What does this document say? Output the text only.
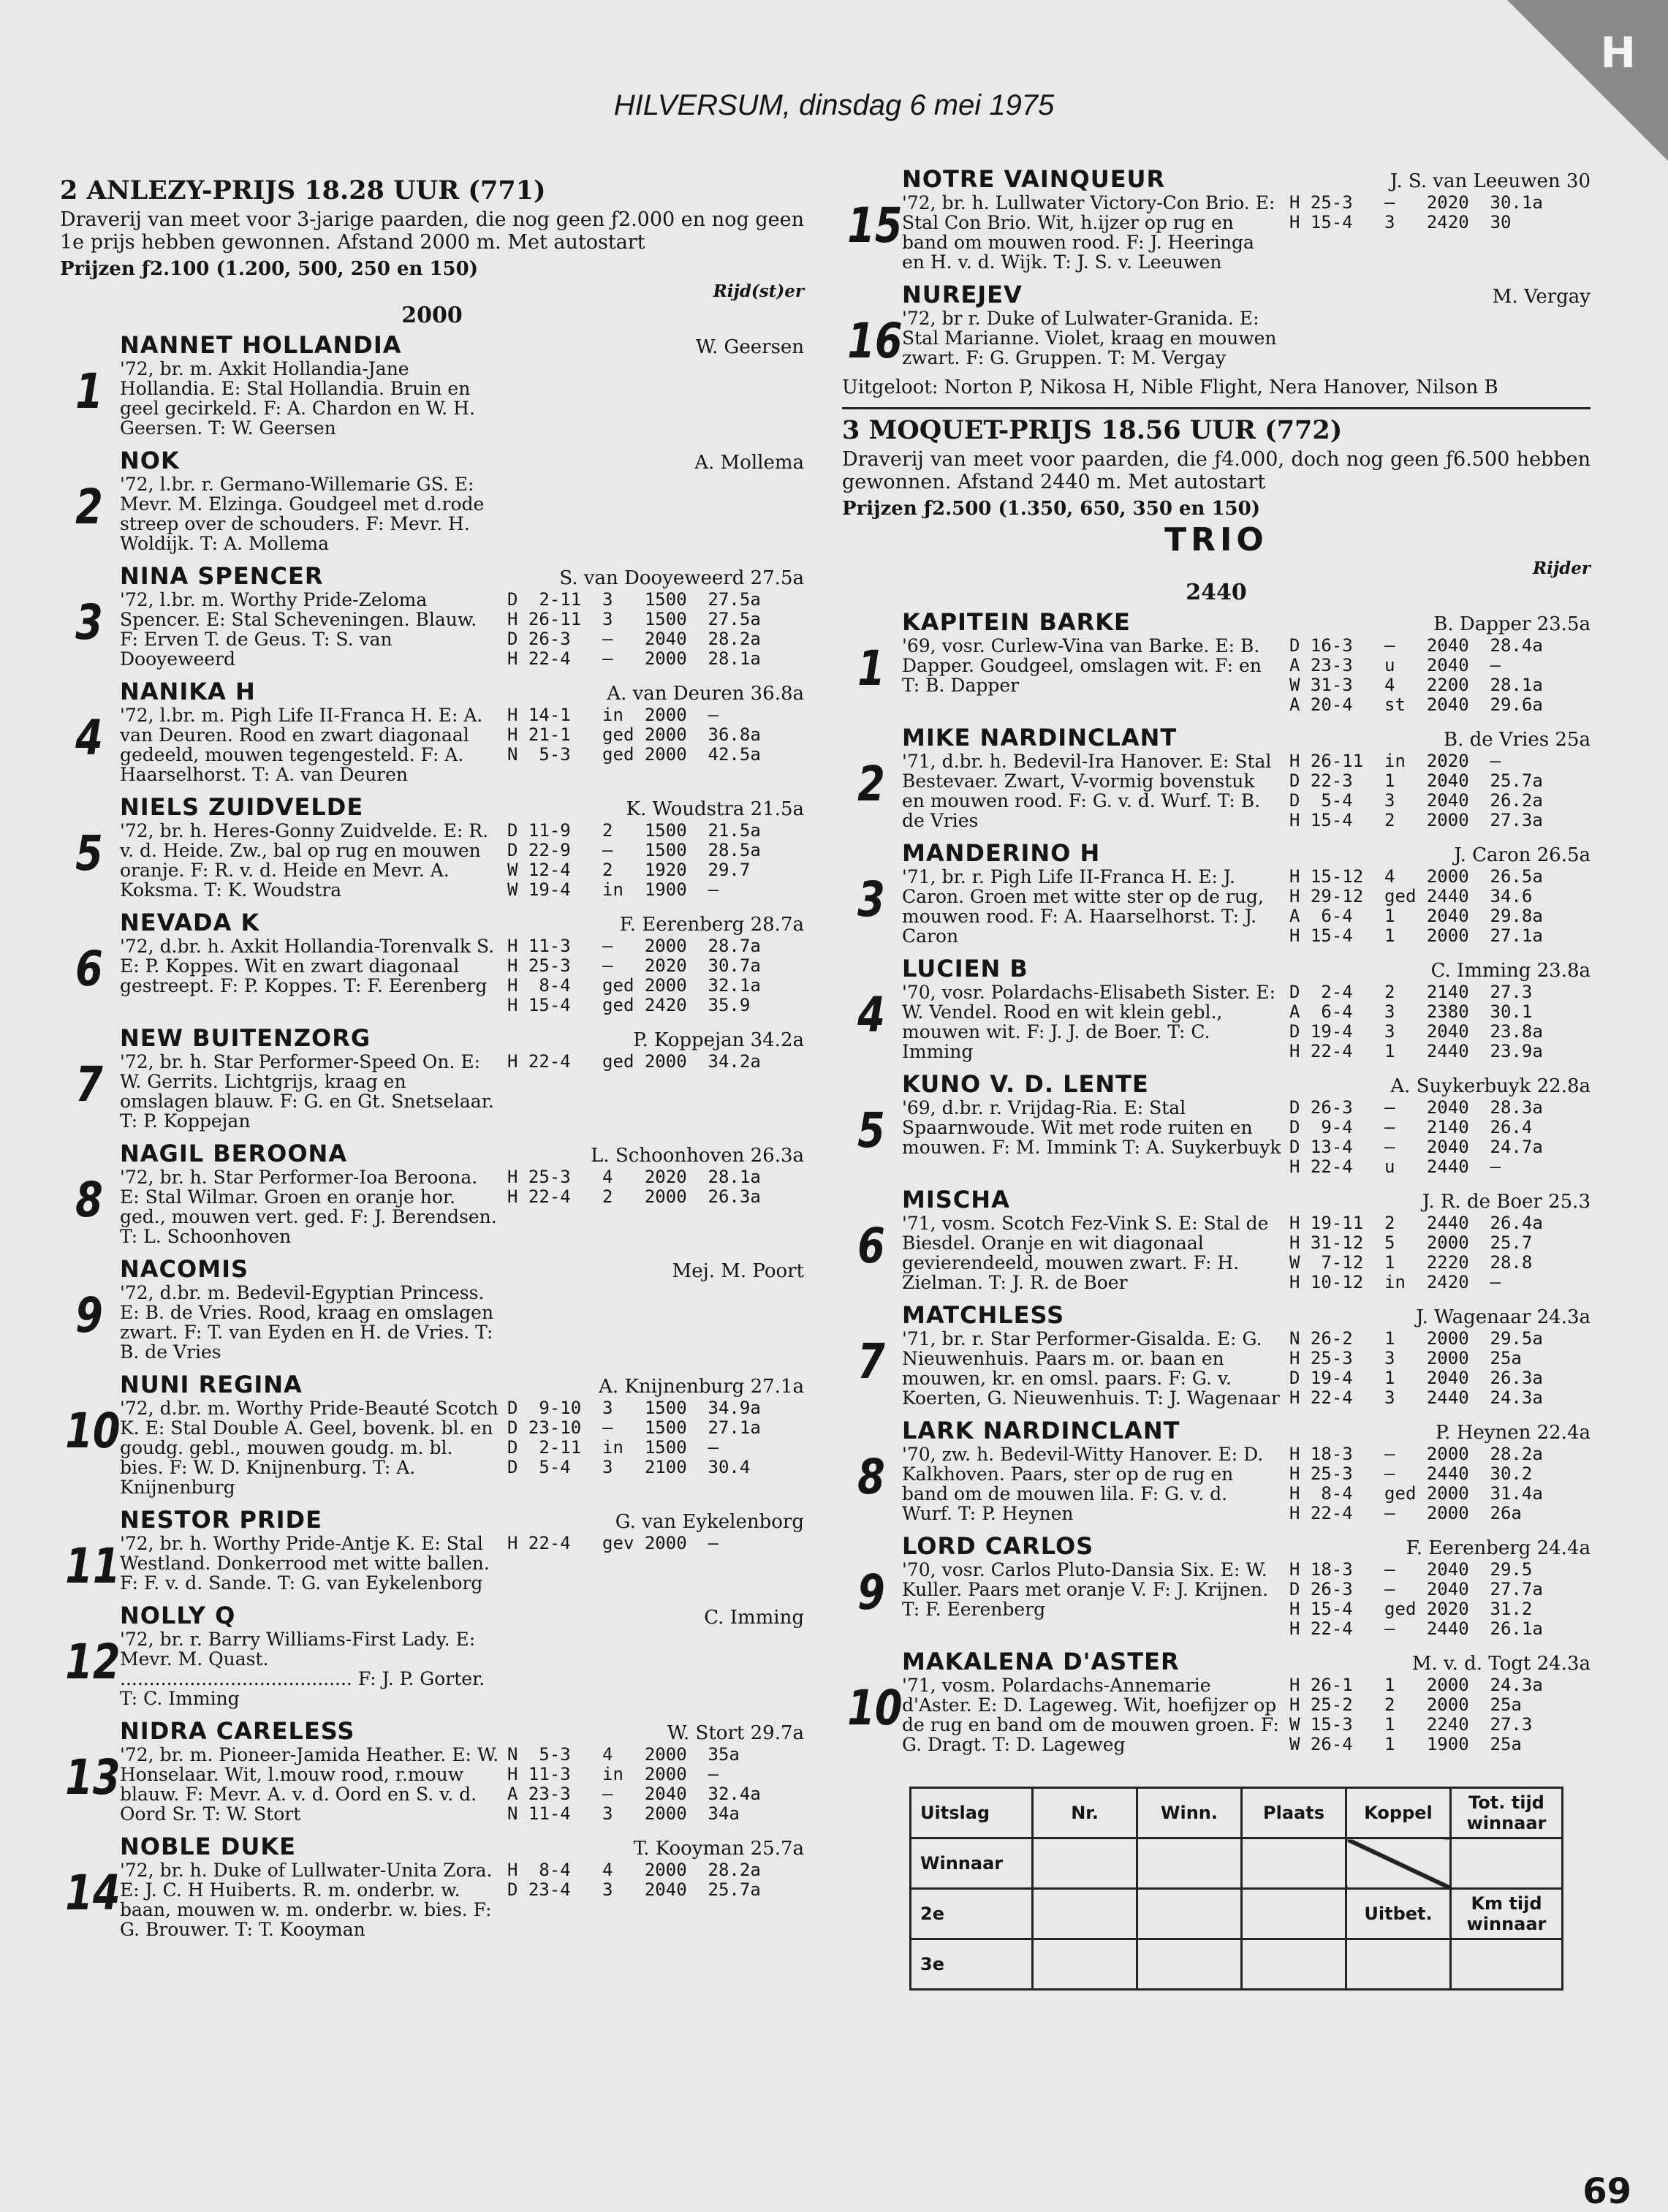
H
HILVERSUM, dinsdag 6 mei 1975
2 ANLEZY-PRIJS 18.28 UUR (771)
Draverij van meet voor 3-jarige paarden, die nog geen ƒ2.000 en nog geen 1e prijs hebben gewonnen. Afstand 2000 m. Met autostart
Prijzen ƒ2.100 (1.200, 500, 250 en 150)
Rijd(st)er
2000
1
NANNET HOLLANDIA	W. Geersen
'72, br. m. Axkit Hollandia-Jane Hollandia. E: Stal Hollandia. Bruin en geel gecirkeld. F: A. Chardon en W. H. Geersen. T: W. Geersen
2
NOK	A. Mollema
'72, l.br. r. Germano-Willemarie GS. E: Mevr. M. Elzinga. Goudgeel met d.rode streep over de schouders. F: Mevr. H. Woldijk. T: A. Mollema
3
NINA SPENCER	S. van Dooyeweerd 27.5a
'72, l.br. m. Worthy Pride-Zeloma Spencer. E: Stal Scheveningen. Blauw. F: Erven T. de Geus. T: S. van Dooyeweerd
D  2-11  3   1500  27.5a
H 26-11  3   1500  27.5a
D 26-3   —   2040  28.2a
H 22-4   —   2000  28.1a
4
NANIKA H	A. van Deuren 36.8a
'72, l.br. m. Pigh Life II-Franca H. E: A. van Deuren. Rood en zwart diagonaal gedeeld, mouwen tegengesteld. F: A. Haarselhorst. T: A. van Deuren
H 14-1   in  2000  —
H 21-1   ged 2000  36.8a
N  5-3   ged 2000  42.5a
5
NIELS ZUIDVELDE	K. Woudstra 21.5a
'72, br. h. Heres-Gonny Zuidvelde. E: R. v. d. Heide. Zw., bal op rug en mouwen oranje. F: R. v. d. Heide en Mevr. A. Koksma. T: K. Woudstra
D 11-9   2   1500  21.5a
D 22-9   —   1500  28.5a
W 12-4   2   1920  29.7
W 19-4   in  1900  —
6
NEVADA K	F. Eerenberg 28.7a
'72, d.br. h. Axkit Hollandia-Torenvalk S. E: P. Koppes. Wit en zwart diagonaal gestreept. F: P. Koppes. T: F. Eerenberg
H 11-3   —   2000  28.7a
H 25-3   —   2020  30.7a
H  8-4   ged 2000  32.1a
H 15-4   ged 2420  35.9
7
NEW BUITENZORG	P. Koppejan 34.2a
'72, br. h. Star Performer-Speed On. E: W. Gerrits. Lichtgrijs, kraag en omslagen blauw. F: G. en Gt. Snetselaar. T: P. Koppejan
H 22-4   ged 2000  34.2a
8
NAGIL BEROONA	L. Schoonhoven 26.3a
'72, br. h. Star Performer-Ioa Beroona. E: Stal Wilmar. Groen en oranje hor. ged., mouwen vert. ged. F: J. Berendsen. T: L. Schoonhoven
H 25-3   4   2020  28.1a
H 22-4   2   2000  26.3a
9
NACOMIS	Mej. M. Poort
'72, d.br. m. Bedevil-Egyptian Princess. E: B. de Vries. Rood, kraag en omslagen zwart. F: T. van Eyden en H. de Vries. T: B. de Vries
10
NUNI REGINA	A. Knijnenburg 27.1a
'72, d.br. m. Worthy Pride-Beauté Scotch K. E: Stal Double A. Geel, bovenk. bl. en goudg. gebl., mouwen goudg. m. bl. bies. F: W. D. Knijnenburg. T: A. Knijnenburg
D  9-10  3   1500  34.9a
D 23-10  —   1500  27.1a
D  2-11  in  1500  —
D  5-4   3   2100  30.4
11
NESTOR PRIDE	G. van Eykelenborg
'72, br. h. Worthy Pride-Antje K. E: Stal Westland. Donkerrood met witte ballen. F: F. v. d. Sande. T: G. van Eykelenborg
H 22-4   gev 2000  —
12
NOLLY Q	C. Imming
'72, br. r. Barry Williams-First Lady. E: Mevr. M. Quast. ........................................ F: J. P. Gorter. T: C. Imming
13
NIDRA CARELESS	W. Stort 29.7a
'72, br. m. Pioneer-Jamida Heather. E: W. Honselaar. Wit, l.mouw rood, r.mouw blauw. F: Mevr. A. v. d. Oord en S. v. d. Oord Sr. T: W. Stort
N  5-3   4   2000  35a
H 11-3   in  2000  —
A 23-3   —   2040  32.4a
N 11-4   3   2000  34a
14
NOBLE DUKE	T. Kooyman 25.7a
'72, br. h. Duke of Lullwater-Unita Zora. E: J. C. H Huiberts. R. m. onderbr. w. baan, mouwen w. m. onderbr. w. bies. F: G. Brouwer. T: T. Kooyman
H  8-4   4   2000  28.2a
D 23-4   3   2040  25.7a
15
NOTRE VAINQUEUR	J. S. van Leeuwen 30
'72, br. h. Lullwater Victory-Con Brio. E: Stal Con Brio. Wit, h.ijzer op rug en band om mouwen rood. F: J. Heeringa en H. v. d. Wijk. T: J. S. v. Leeuwen
H 25-3   —   2020  30.1a
H 15-4   3   2420  30
16
NUREJEV	M. Vergay
'72, br r. Duke of Lulwater-Granida. E: Stal Marianne. Violet, kraag en mouwen zwart. F: G. Gruppen. T: M. Vergay
Uitgeloot: Norton P, Nikosa H, Nible Flight, Nera Hanover, Nilson B
3 MOQUET-PRIJS 18.56 UUR (772)
Draverij van meet voor paarden, die ƒ4.000, doch nog geen ƒ6.500 hebben gewonnen. Afstand 2440 m. Met autostart
Prijzen ƒ2.500 (1.350, 650, 350 en 150)
TRIO
Rijder
2440
1
KAPITEIN BARKE	B. Dapper 23.5a
'69, vosr. Curlew-Vina van Barke. E: B. Dapper. Goudgeel, omslagen wit. F: en T: B. Dapper
D 16-3   —   2040  28.4a
A 23-3   u   2040  —
W 31-3   4   2200  28.1a
A 20-4   st  2040  29.6a
2
MIKE NARDINCLANT	B. de Vries 25a
'71, d.br. h. Bedevil-Ira Hanover. E: Stal Bestevaer. Zwart, V-vormig bovenstuk en mouwen rood. F: G. v. d. Wurf. T: B. de Vries
H 26-11  in  2020  —
D 22-3   1   2040  25.7a
D  5-4   3   2040  26.2a
H 15-4   2   2000  27.3a
3
MANDERINO H	J. Caron 26.5a
'71, br. r. Pigh Life II-Franca H. E: J. Caron. Groen met witte ster op de rug, mouwen rood. F: A. Haarselhorst. T: J. Caron
H 15-12  4   2000  26.5a
H 29-12  ged 2440  34.6
A  6-4   1   2040  29.8a
H 15-4   1   2000  27.1a
4
LUCIEN B	C. Imming 23.8a
'70, vosr. Polardachs-Elisabeth Sister. E: W. Vendel. Rood en wit klein gebl., mouwen wit. F: J. J. de Boer. T: C. Imming
D  2-4   2   2140  27.3
A  6-4   3   2380  30.1
D 19-4   3   2040  23.8a
H 22-4   1   2440  23.9a
5
KUNO V. D. LENTE	A. Suykerbuyk 22.8a
'69, d.br. r. Vrijdag-Ria. E: Stal Spaarnwoude. Wit met rode ruiten en mouwen. F: M. Immink T: A. Suykerbuyk
D 26-3   —   2040  28.3a
D  9-4   —   2140  26.4
D 13-4   —   2040  24.7a
H 22-4   u   2440  —
6
MISCHA	J. R. de Boer 25.3
'71, vosm. Scotch Fez-Vink S. E: Stal de Biesdel. Oranje en wit diagonaal gevierendeeld, mouwen zwart. F: H. Zielman. T: J. R. de Boer
H 19-11  2   2440  26.4a
H 31-12  5   2000  25.7
W  7-12  1   2220  28.8
H 10-12  in  2420  —
7
MATCHLESS	J. Wagenaar 24.3a
'71, br. r. Star Performer-Gisalda. E: G. Nieuwenhuis. Paars m. or. baan en mouwen, kr. en omsl. paars. F: G. v. Koerten, G. Nieuwenhuis. T: J. Wagenaar
N 26-2   1   2000  29.5a
H 25-3   3   2000  25a
D 19-4   1   2040  26.3a
H 22-4   3   2440  24.3a
8
LARK NARDINCLANT	P. Heynen 22.4a
'70, zw. h. Bedevil-Witty Hanover. E: D. Kalkhoven. Paars, ster op de rug en band om de mouwen lila. F: G. v. d. Wurf. T: P. Heynen
H 18-3   —   2000  28.2a
H 25-3   —   2440  30.2
H  8-4   ged 2000  31.4a
H 22-4   —   2000  26a
9
LORD CARLOS	F. Eerenberg 24.4a
'70, vosr. Carlos Pluto-Dansia Six. E: W. Kuller. Paars met oranje V. F: J. Krijnen. T: F. Eerenberg
H 18-3   —   2040  29.5
D 26-3   —   2040  27.7a
H 15-4   ged 2020  31.2
H 22-4   —   2440  26.1a
10
MAKALENA D'ASTER	M. v. d. Togt 24.3a
'71, vosm. Polardachs-Annemarie d'Aster. E: D. Lageweg. Wit, hoefijzer op de rug en band om de mouwen groen. F: G. Dragt. T: D. Lageweg
H 26-1   1   2000  24.3a
H 25-2   2   2000  25a
W 15-3   1   2240  27.3
W 26-4   1   1900  25a
Uitslag	Nr.	Winn.	Plaats	Koppel	Tot. tijd winnaar
Winnaar					
2e				Uitbet.	Km tijd winnaar
3e					
69
